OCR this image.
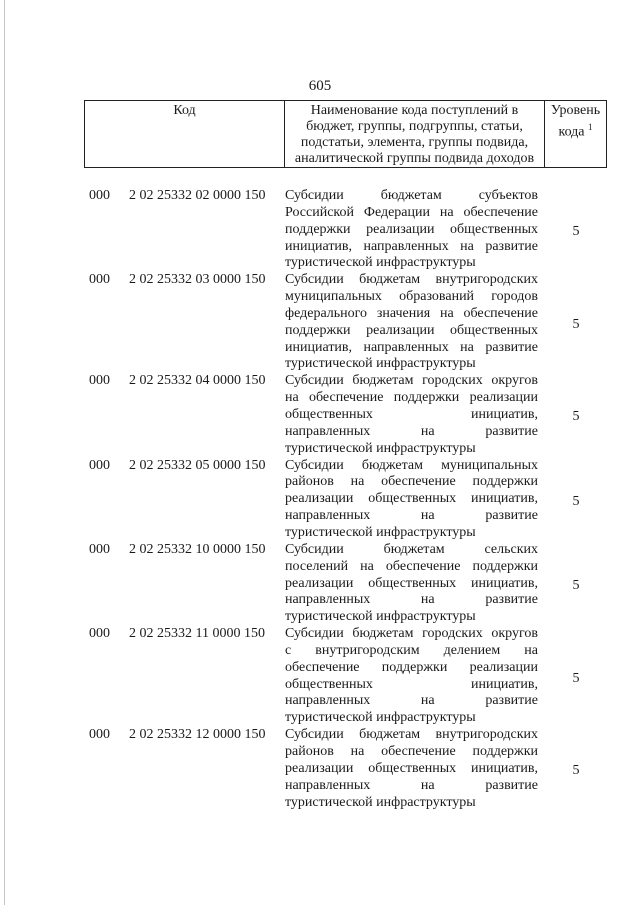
605
Код	Наименование кода поступлений в
бюджет, группы, подгруппы, статьи,
подстатьи, элемента, группы подвида,
аналитической группы подвида доходов

Уровень
кода $^1$
000 2 02 25332 02 0000 150 Субсидии бюджетам субъектов
Российской Федерации на обеспечение
поддержки реализации общественных
инициатив, направленных на развитие
туристической инфраструктуры
5
000 2 02 25332 03 0000 150 Субсидии бюджетам внутригородских
муниципальных образований городов
федерального значения на обеспечение
поддержки реализации общественных
инициатив, направленных на развитие
туристической инфраструктуры
5
000 2 02 25332 04 0000 150 Субсидии бюджетам городских округов
на обеспечение поддержки реализации
общественных инициатив,
направленных на развитие
туристической инфраструктуры
5
000 2 02 25332 05 0000 150 Субсидии бюджетам муниципальных
районов на обеспечение поддержки
реализации общественных инициатив,
направленных на развитие
туристической инфраструктуры
5
000 2 02 25332 10 0000 150 Субсидии бюджетам сельских
поселений на обеспечение поддержки
реализации общественных инициатив,
направленных на развитие
туристической инфраструктуры
5
000 2 02 25332 11 0000 150 Субсидии бюджетам городских округов
с внутригородским делением на
обеспечение поддержки реализации
общественных инициатив,
направленных на развитие
туристической инфраструктуры
5
000 2 02 25332 12 0000 150 Субсидии бюджетам внутригородских
районов на обеспечение поддержки
реализации общественных инициатив,
направленных на развитие
туристической инфраструктуры
5
